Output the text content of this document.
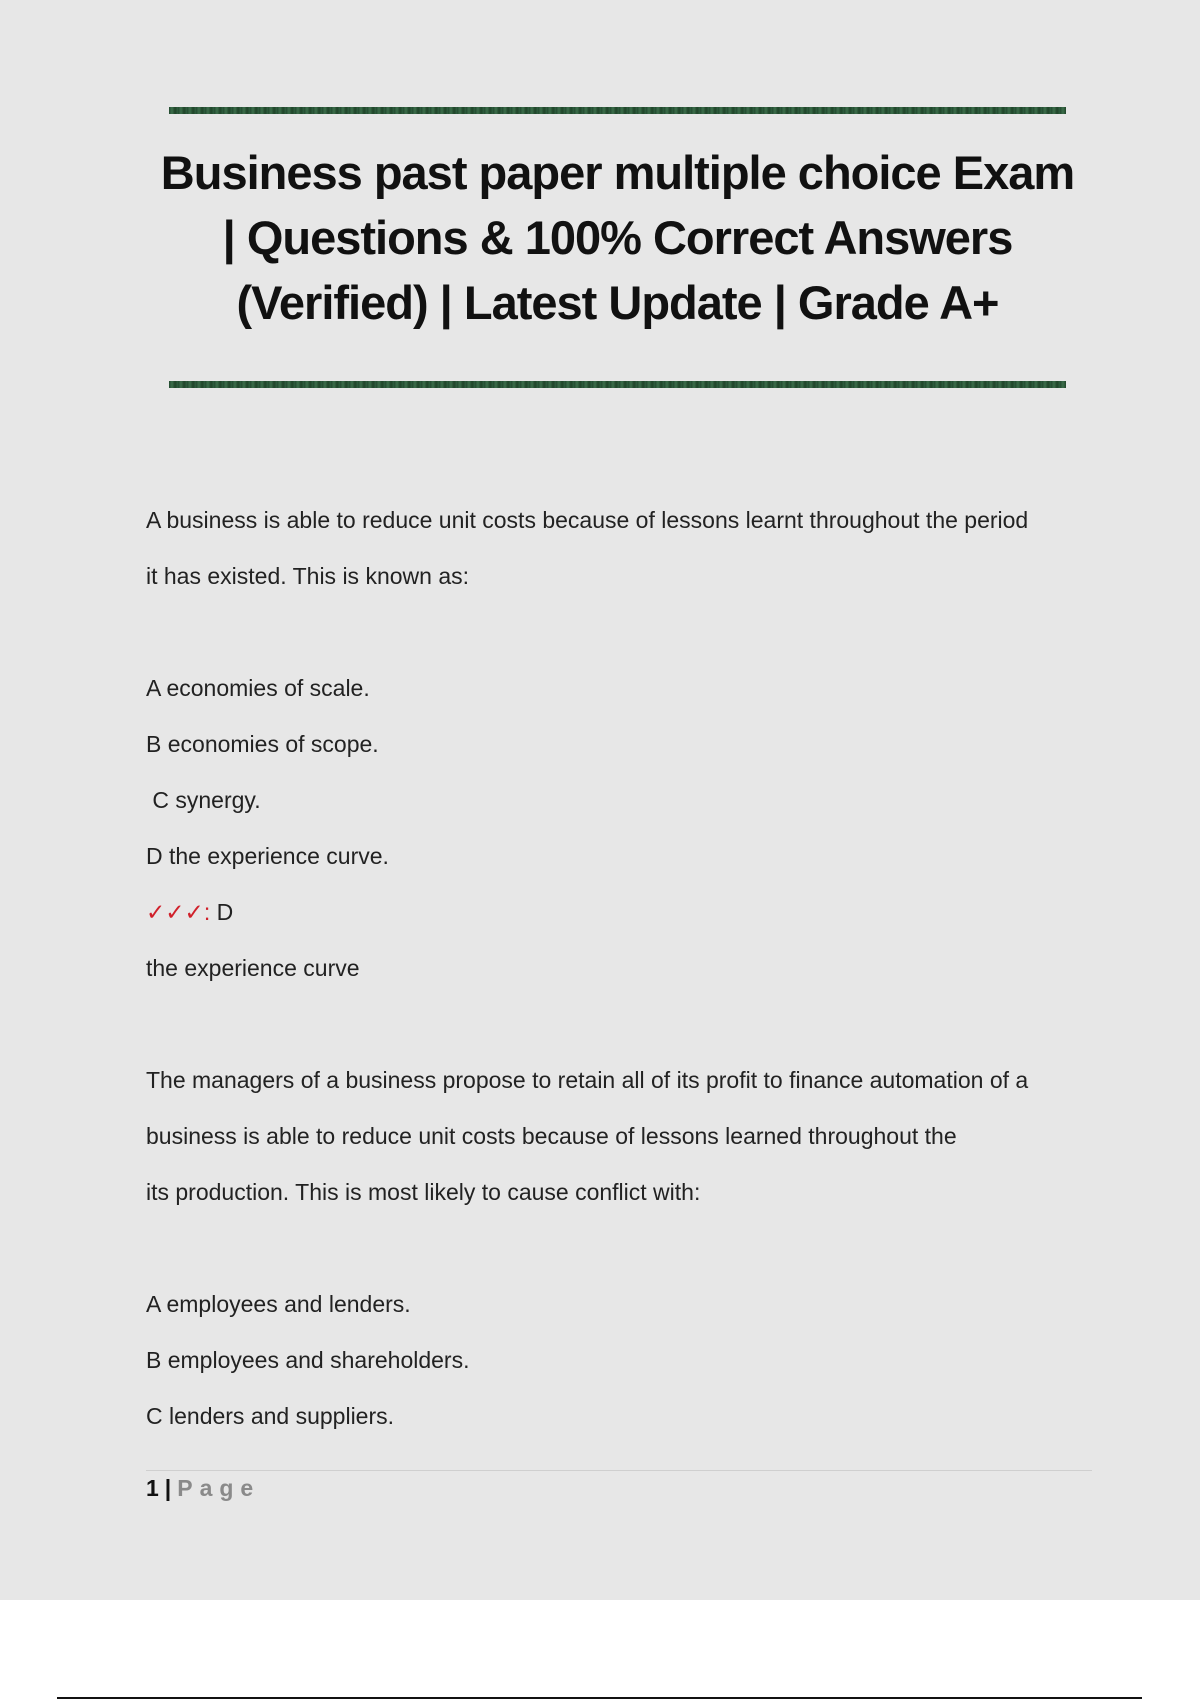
Business past paper multiple choice Exam
| Questions & 100% Correct Answers
(Verified) | Latest Update | Grade A+
A business is able to reduce unit costs because of lessons learnt throughout the period
it has existed. This is known as:
A economies of scale.
B economies of scope.
C synergy.
D the experience curve.
✓✓✓: D
the experience curve
The managers of a business propose to retain all of its profit to finance automation of a
business is able to reduce unit costs because of lessons learned throughout the
its production. This is most likely to cause conflict with:
A employees and lenders.
B employees and shareholders.
C lenders and suppliers.
1 | Page
